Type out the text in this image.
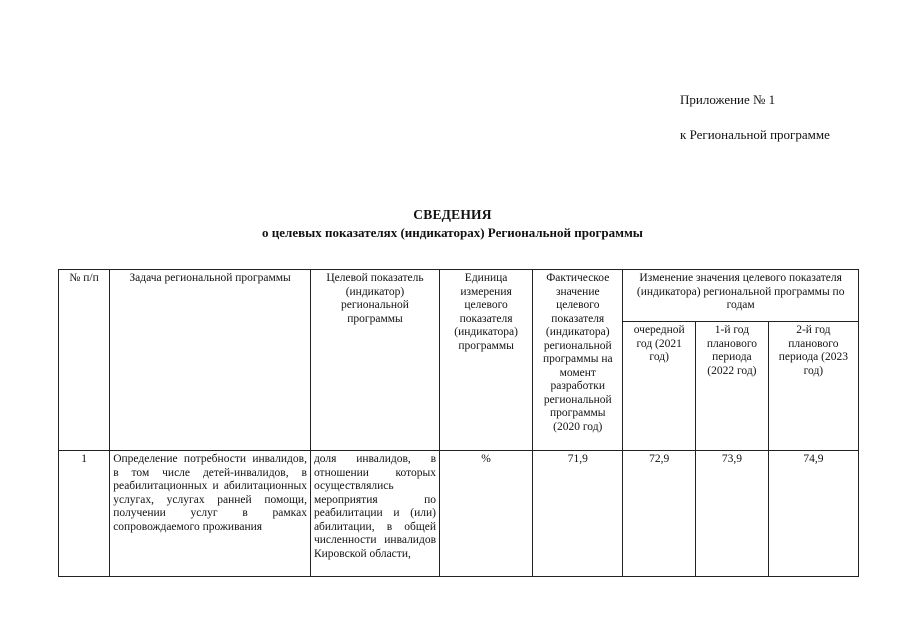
Приложение № 1
к Региональной программе
СВЕДЕНИЯ
о целевых показателях (индикаторах) Региональной программы
№ п/п	Задача региональной программы	Целевой показатель (индикатор) региональной программы	Единица измерения целевого показателя (индикатора) программы	Фактическое значение целевого показателя (индикатора) региональной программы на момент разработки региональной программы (2020 год)	Изменение значения целевого показателя (индикатора) региональной программы по годам		
					очередной год (2021 год)	1-й год планового периода (2022 год)	2-й год планового периода (2023 год)
1	Определение потребности инвалидов, в том числе детей-инвалидов, в реабилитационных и абилитационных услугах, услугах ранней помощи, получении услуг в рамках сопровождаемого проживания	доля инвалидов, в отношении которых осуществлялись мероприятия по реабилитации и (или) абилитации, в общей численности инвалидов Кировской области,	%	71,9	72,9	73,9	74,9
